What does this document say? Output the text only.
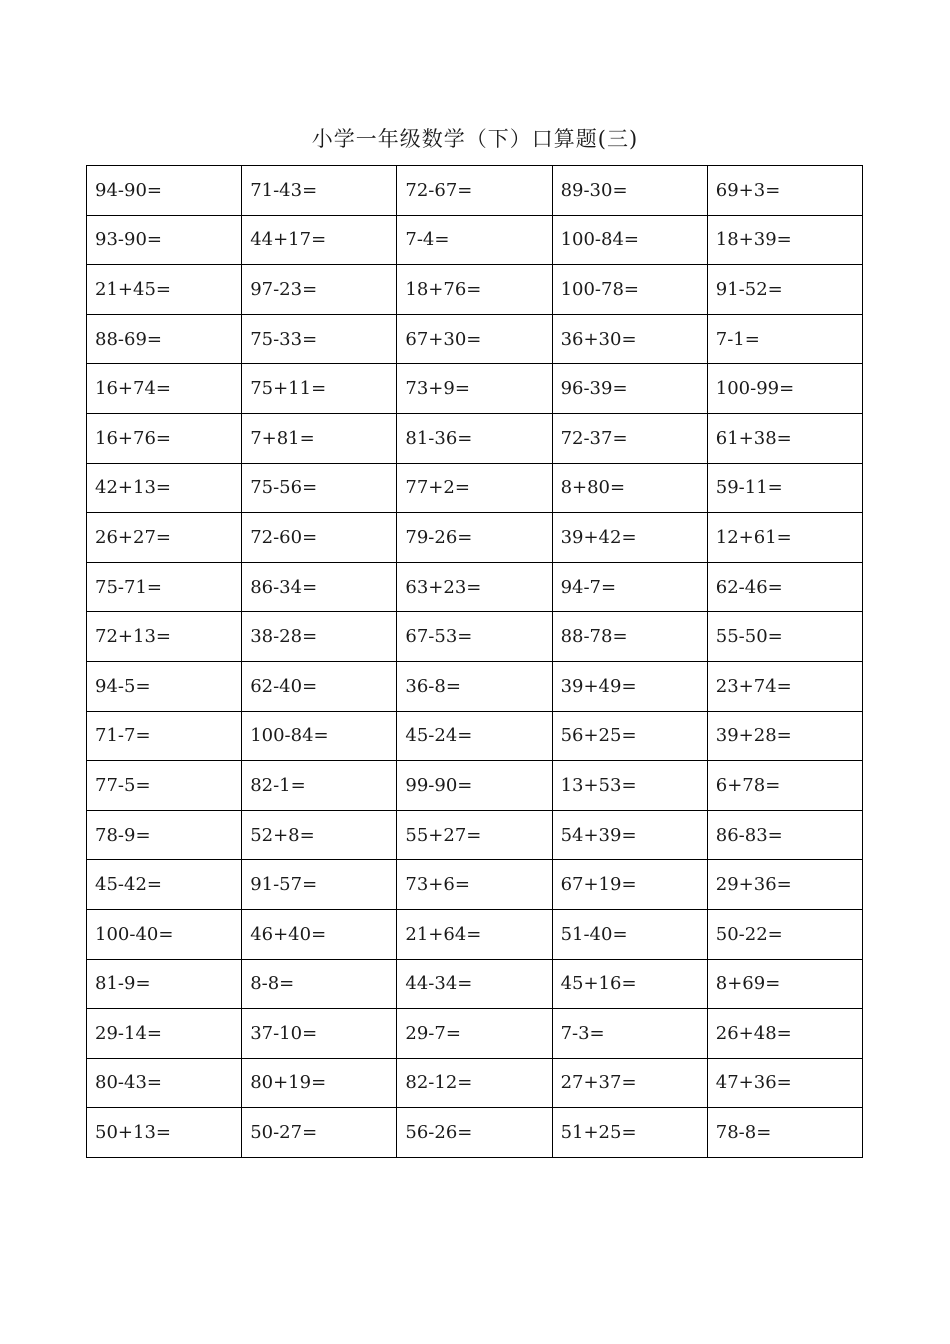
小学一年级数学（下）口算题(三)
94-90=	71-43=	72-67=	89-30=	69+3=
93-90=	44+17=	7-4=	100-84=	18+39=
21+45=	97-23=	18+76=	100-78=	91-52=
88-69=	75-33=	67+30=	36+30=	7-1=
16+74=	75+11=	73+9=	96-39=	100-99=
16+76=	7+81=	81-36=	72-37=	61+38=
42+13=	75-56=	77+2=	8+80=	59-11=
26+27=	72-60=	79-26=	39+42=	12+61=
75-71=	86-34=	63+23=	94-7=	62-46=
72+13=	38-28=	67-53=	88-78=	55-50=
94-5=	62-40=	36-8=	39+49=	23+74=
71-7=	100-84=	45-24=	56+25=	39+28=
77-5=	82-1=	99-90=	13+53=	6+78=
78-9=	52+8=	55+27=	54+39=	86-83=
45-42=	91-57=	73+6=	67+19=	29+36=
100-40=	46+40=	21+64=	51-40=	50-22=
81-9=	8-8=	44-34=	45+16=	8+69=
29-14=	37-10=	29-7=	7-3=	26+48=
80-43=	80+19=	82-12=	27+37=	47+36=
50+13=	50-27=	56-26=	51+25=	78-8=
